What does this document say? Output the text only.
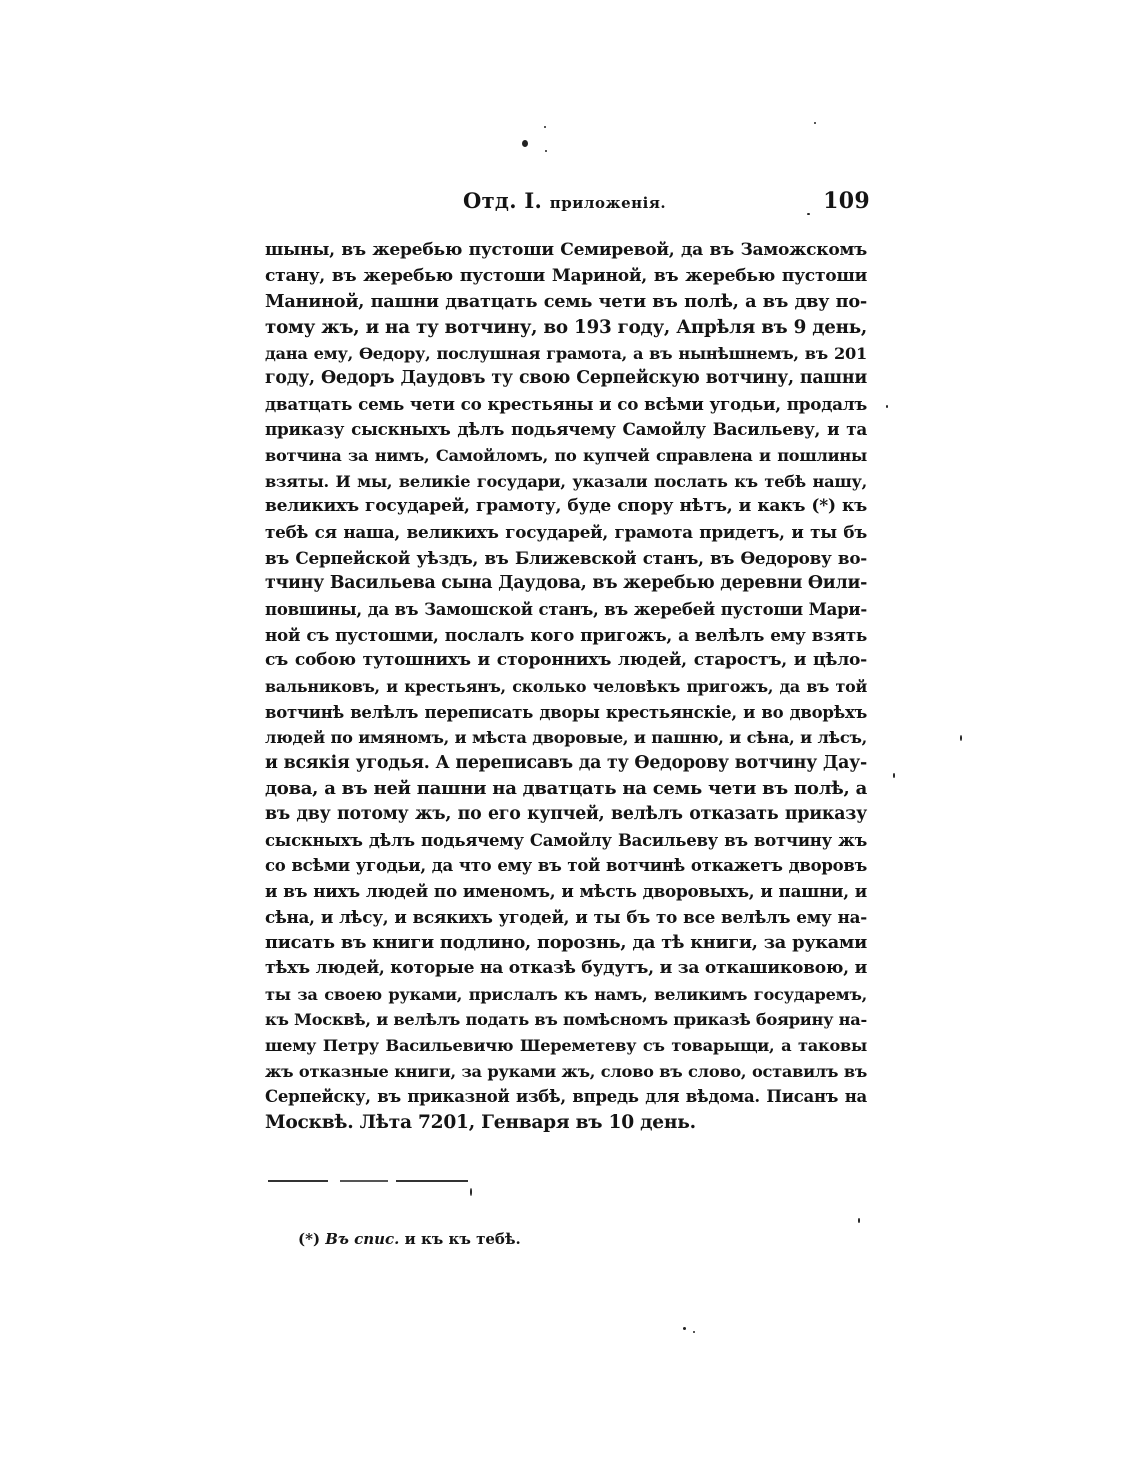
Отд. I. приложенія.	109
шыны, въ жеребью пустоши Семиревой, да въ Заможскомъ
стану, въ жеребью пустоши Мариной, въ жеребью пустоши
Маниной, пашни дватцать семь чети въ полѣ, а въ дву по-
тому жъ, и на ту вотчину, во 193 году, Апрѣля въ 9 день,
дана ему, Өедору, послушная грамота, а въ нынѣшнемъ, въ 201
году, Өедоръ Даудовъ ту свою Серпейскую вотчину, пашни
дватцать семь чети со крестьяны и со всѣми угодьи, продалъ
приказу сыскныхъ дѣлъ подьячему Самойлу Васильеву, и та
вотчина за нимъ, Самойломъ, по купчей справлена и пошлины
взяты. И мы, великіе государи, указали послать къ тебѣ нашу,
великихъ государей, грамоту, буде спору нѣтъ, и какъ (*) къ
тебѣ ся наша, великихъ государей, грамота придетъ, и ты бъ
въ Серпейской уѣздъ, въ Ближевской станъ, въ Өедорову во-
тчину Васильева сына Даудова, въ жеребью деревни Өили-
повшины, да въ Замошской станъ, въ жеребей пустоши Мари-
ной съ пустошми, послалъ кого пригожъ, а велѣлъ ему взять
съ собою тутошнихъ и стороннихъ людей, старостъ, и цѣло-
вальниковъ, и крестьянъ, сколько человѣкъ пригожъ, да въ той
вотчинѣ велѣлъ переписать дворы крестьянскіе, и во дворѣхъ
людей по имяномъ, и мѣста дворовые, и пашню, и сѣна, и лѣсъ,
и всякія угодья. А переписавъ да ту Өедорову вотчину Дау-
дова, а въ ней пашни на дватцать на семь чети въ полѣ, а
въ дву потому жъ, по его купчей, велѣлъ отказать приказу
сыскныхъ дѣлъ подьячему Самойлу Васильеву въ вотчину жъ
со всѣми угодьи, да что ему въ той вотчинѣ откажетъ дворовъ
и въ нихъ людей по именомъ, и мѣсть дворовыхъ, и пашни, и
сѣна, и лѣсу, и всякихъ угодей, и ты бъ то все велѣлъ ему на-
писать въ книги подлино, порознь, да тѣ книги, за руками
тѣхъ людей, которые на отказѣ будутъ, и за откашиковою, и
ты за своею руками, прислалъ къ намъ, великимъ государемъ,
къ Москвѣ, и велѣлъ подать въ помѣсномъ приказѣ боярину на-
шему Петру Васильевичю Шереметеву съ товарыщи, а таковы
жъ отказные книги, за руками жъ, слово въ слово, оставилъ въ
Серпейску, въ приказной избѣ, впредь для вѣдома. Писанъ на
Москвѣ. Лѣта 7201, Генваря въ 10 день.
(*) Въ спис. и къ къ тебѣ.
